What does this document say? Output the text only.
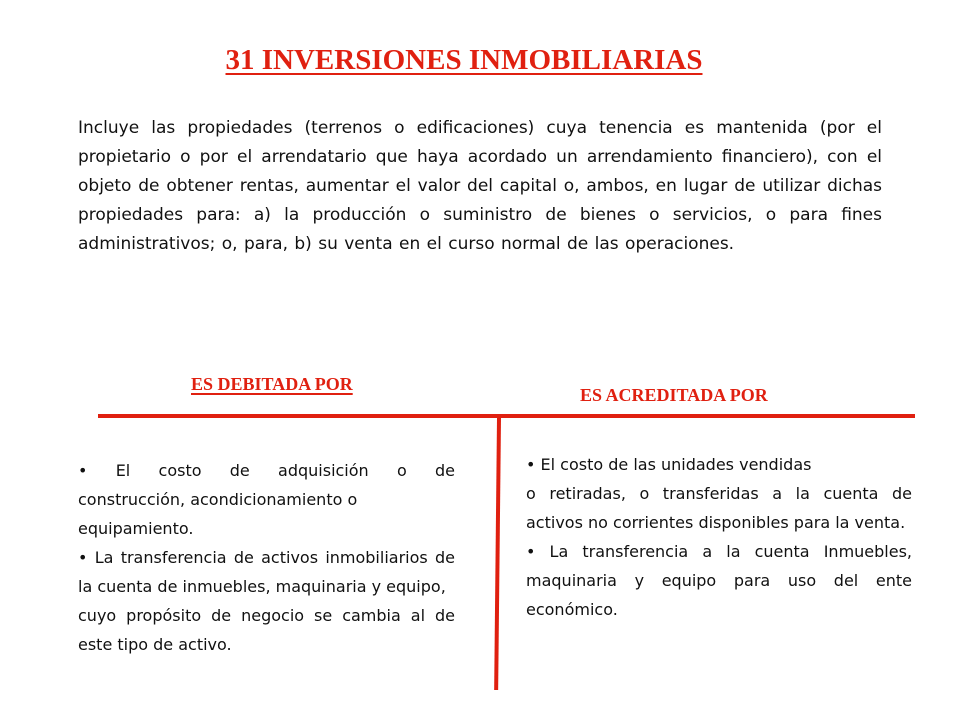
31 INVERSIONES INMOBILIARIAS
Incluye las propiedades (terrenos o edificaciones) cuya tenencia es mantenida (por el propietario o por el arrendatario que haya acordado un arrendamiento financiero), con el objeto de obtener rentas, aumentar el valor del capital o, ambos, en lugar de utilizar dichas propiedades para: a) la producción o suministro de bienes o servicios, o para fines administrativos; o, para, b) su venta en el curso normal de las operaciones.
ES DEBITADA POR
ES ACREDITADA POR

• El costo de adquisición o de

construcción, acondicionamiento o

equipamiento.

• La transferencia de activos inmobiliarios de la cuenta de inmuebles, maquinaria y equipo,

cuyo propósito de negocio se cambia al de este tipo de activo.

• El costo de las unidades vendidas

o retiradas, o transferidas a la cuenta de activos no corrientes disponibles para la venta.

• La transferencia a la cuenta Inmuebles, maquinaria y equipo para uso del ente económico.
